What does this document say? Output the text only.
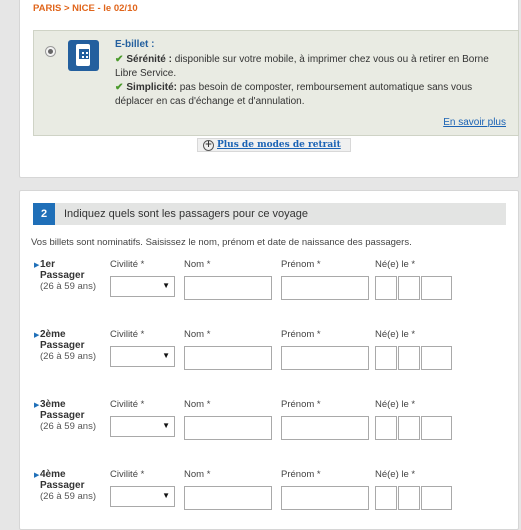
PARIS > NICE - le 02/10
E-billet :
✔ Sérénité : disponible sur votre mobile, à imprimer chez vous ou à retirer en Borne Libre Service.
✔ Simplicité: pas besoin de composter, remboursement automatique sans vous déplacer en cas d'échange et d'annulation.
En savoir plus
+ Plus de modes de retrait
2	Indiquez quels sont les passagers pour ce voyage
Vos billets sont nominatifs. Saisissez le nom, prénom et date de naissance des passagers.
▶ 1er
Passager
(26 à 59 ans)
Civilité *	Nom *	Prénom *	Né(e) le *
▼
▶ 2ème
Passager
(26 à 59 ans)
Civilité *	Nom *	Prénom *	Né(e) le *
▼
▶ 3ème
Passager
(26 à 59 ans)
Civilité *	Nom *	Prénom *	Né(e) le *
▼
▶ 4ème
Passager
(26 à 59 ans)
Civilité *	Nom *	Prénom *	Né(e) le *
▼
